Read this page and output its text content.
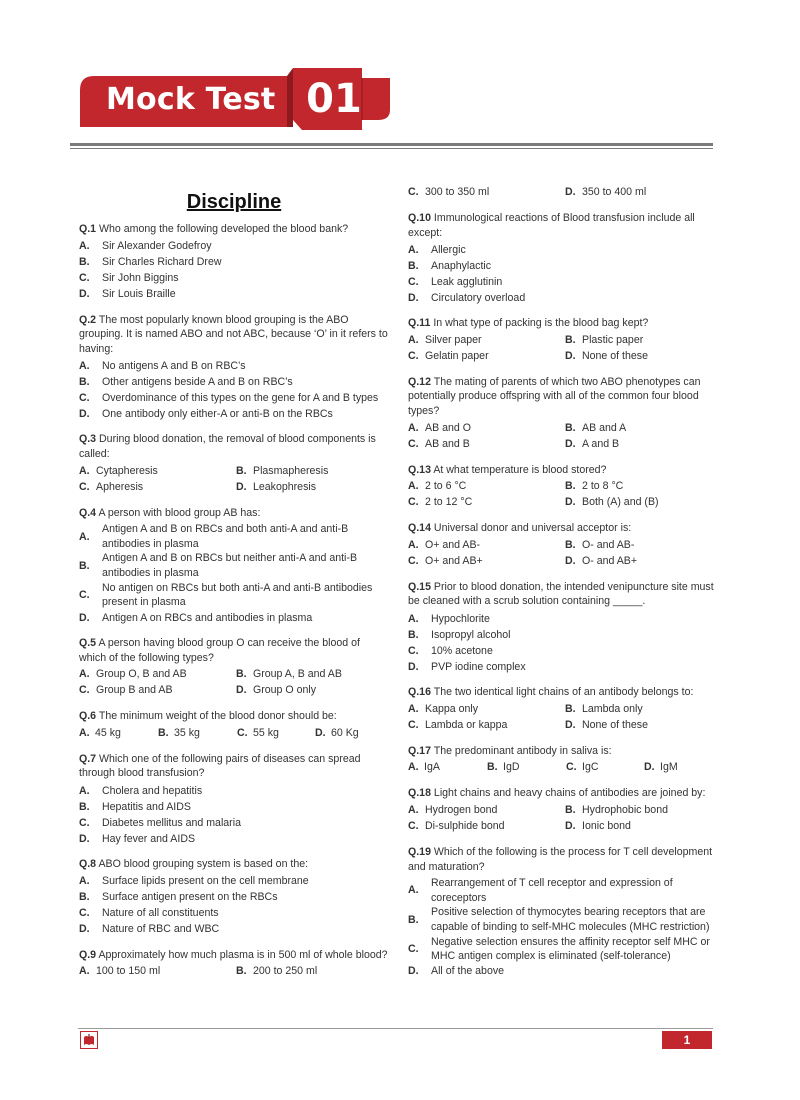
Mock Test 01
Discipline
Q.1 Who among the following developed the blood bank?
A.	Sir Alexander Godefroy
B.	Sir Charles Richard Drew
C.	Sir John Biggins
D.	Sir Louis Braille
Q.2 The most popularly known blood grouping is the ABO grouping. It is named ABO and not ABC, because ‘O’ in it refers to having:
A.	No antigens A and B on RBC’s
B.	Other antigens beside A and B on RBC’s
C.	Overdominance of this types on the gene for A and B types
D.	One antibody only either-A or anti-B on the RBCs
Q.3 During blood donation, the removal of blood components is called:
A. Cytapheresis	B. Plasmapheresis
C. Apheresis	D. Leakophresis
Q.4 A person with blood group AB has:
A.
Antigen A and B on RBCs and both anti-A and anti-B antibodies in plasma
B.
Antigen A and B on RBCs but neither anti-A and anti-B antibodies in plasma
C.
No antigen on RBCs but both anti-A and anti-B antibodies present in plasma
D.	Antigen A on RBCs and antibodies in plasma
Q.5 A person having blood group O can receive the blood of which of the following types?
A. Group O, B and AB	B. Group A, B and AB
C. Group B and AB	D. Group O only
Q.6 The minimum weight of the blood donor should be:
A. 45 kg	B. 35 kg	C. 55 kg	D. 60 Kg
Q.7 Which one of the following pairs of diseases can spread through blood transfusion?
A.	Cholera and hepatitis
B.	Hepatitis and AIDS
C.	Diabetes mellitus and malaria
D.	Hay fever and AIDS
Q.8 ABO blood grouping system is based on the:
A.	Surface lipids present on the cell membrane
B.	Surface antigen present on the RBCs
C.	Nature of all constituents
D.	Nature of RBC and WBC
Q.9 Approximately how much plasma is in 500 ml of whole blood?
A. 100 to 150 ml	B. 200 to 250 ml
C. 300 to 350 ml	D. 350 to 400 ml
Q.10 Immunological reactions of Blood transfusion include all except:
A.	Allergic
B.	Anaphylactic
C.	Leak agglutinin
D.	Circulatory overload
Q.11 In what type of packing is the blood bag kept?
A. Silver paper	B. Plastic paper
C. Gelatin paper	D. None of these
Q.12 The mating of parents of which two ABO phenotypes can potentially produce offspring with all of the common four blood types?
A. AB and O	B. AB and A
C. AB and B	D. A and B
Q.13 At what temperature is blood stored?
A. 2 to 6 °C	B. 2 to 8 °C
C. 2 to 12 °C	D. Both (A) and (B)
Q.14 Universal donor and universal acceptor is:
A. O+ and AB-	B. O- and AB-
C. O+ and AB+	D. O- and AB+
Q.15 Prior to blood donation, the intended venipuncture site must be cleaned with a scrub solution containing _____.
A.	Hypochlorite
B.	Isopropyl alcohol
C.	10% acetone
D.	PVP iodine complex
Q.16 The two identical light chains of an antibody belongs to:
A. Kappa only	B. Lambda only
C. Lambda or kappa	D. None of these
Q.17 The predominant antibody in saliva is:
A. IgA	B. IgD	C. IgC	D. IgM
Q.18 Light chains and heavy chains of antibodies are joined by:
A. Hydrogen bond	B. Hydrophobic bond
C. Di-sulphide bond	D. Ionic bond
Q.19 Which of the following is the process for T cell development and maturation?
A.
Rearrangement of T cell receptor and expression of coreceptors
B.
Positive selection of thymocytes bearing receptors that are capable of binding to self-MHC molecules (MHC restriction)
C.
Negative selection ensures the affinity receptor self MHC or MHC antigen complex is eliminated (self-tolerance)
D.	All of the above
1
